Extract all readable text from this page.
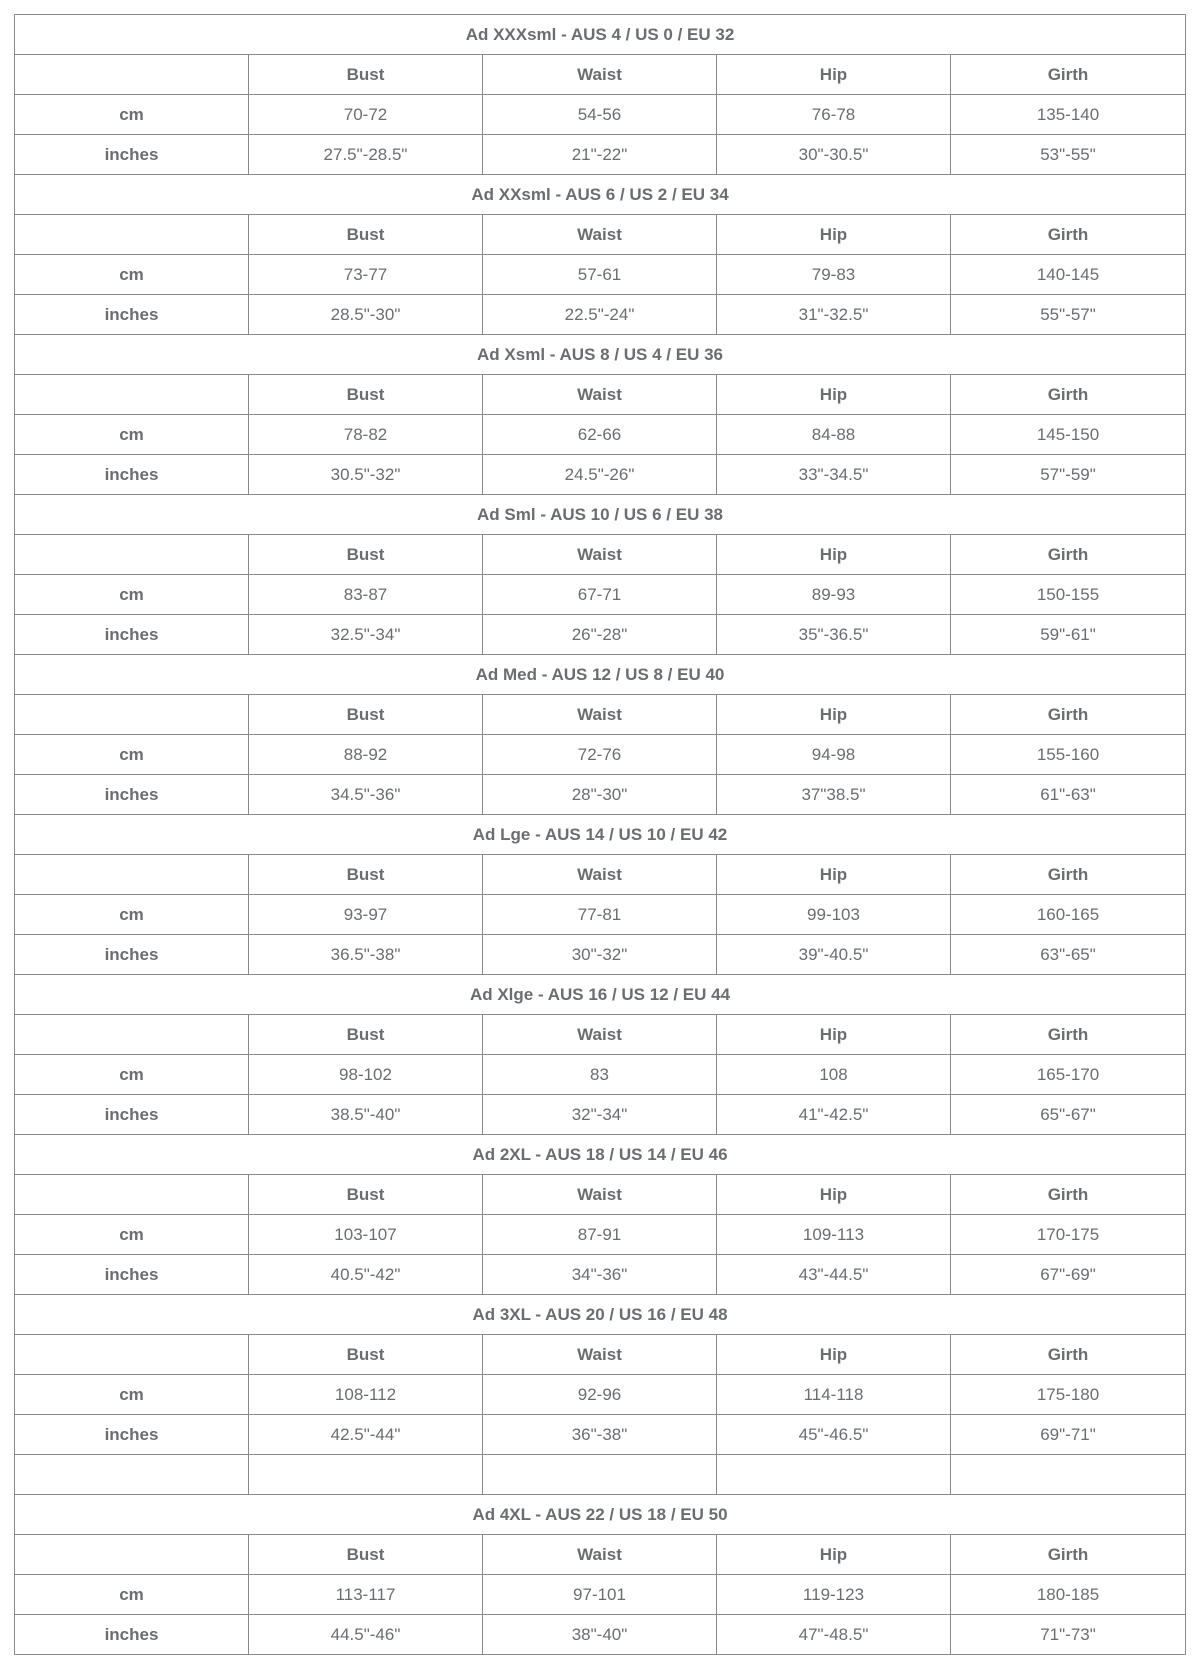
Ad XXXsml - AUS 4 / US 0 / EU 32				
	Bust	Waist	Hip	Girth
cm	70-72	54-56	76-78	135-140
inches	27.5"-28.5"	21"-22"	30"-30.5"	53"-55"
Ad XXsml - AUS 6 / US 2 / EU 34				
	Bust	Waist	Hip	Girth
cm	73-77	57-61	79-83	140-145
inches	28.5"-30"	22.5"-24"	31"-32.5"	55"-57"
Ad Xsml - AUS 8 / US 4 / EU 36				
	Bust	Waist	Hip	Girth
cm	78-82	62-66	84-88	145-150
inches	30.5"-32"	24.5"-26"	33"-34.5"	57"-59"
Ad Sml - AUS 10 / US 6 / EU 38				
	Bust	Waist	Hip	Girth
cm	83-87	67-71	89-93	150-155
inches	32.5"-34"	26"-28"	35"-36.5"	59"-61"
Ad Med - AUS 12 / US 8 / EU 40				
	Bust	Waist	Hip	Girth
cm	88-92	72-76	94-98	155-160
inches	34.5"-36"	28"-30"	37"38.5"	61"-63"
Ad Lge - AUS 14 / US 10 / EU 42				
	Bust	Waist	Hip	Girth
cm	93-97	77-81	99-103	160-165
inches	36.5"-38"	30"-32"	39"-40.5"	63"-65"
Ad Xlge - AUS 16 / US 12 / EU 44				
	Bust	Waist	Hip	Girth
cm	98-102	83	108	165-170
inches	38.5"-40"	32"-34"	41"-42.5"	65"-67"
Ad 2XL - AUS 18 / US 14 / EU 46				
	Bust	Waist	Hip	Girth
cm	103-107	87-91	109-113	170-175
inches	40.5"-42"	34"-36"	43"-44.5"	67"-69"
Ad 3XL - AUS 20 / US 16 / EU 48				
	Bust	Waist	Hip	Girth
cm	108-112	92-96	114-118	175-180
inches	42.5"-44"	36"-38"	45"-46.5"	69"-71"

Ad 4XL - AUS 22 / US 18 / EU 50				
	Bust	Waist	Hip	Girth
cm	113-117	97-101	119-123	180-185
inches	44.5"-46"	38"-40"	47"-48.5"	71"-73"
